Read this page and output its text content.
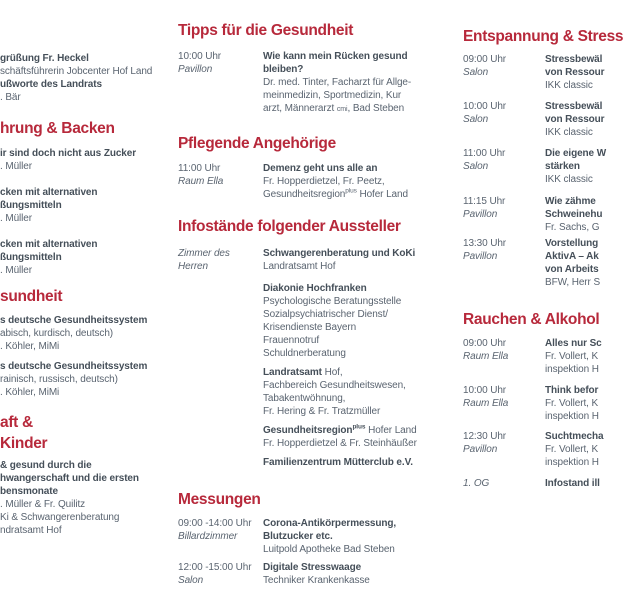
grüßung Fr. Heckel
schäftsführerin Jobcenter Hof Land
ußworte des Landrats
. Bär
hrung & Backen
ir sind doch nicht aus Zucker
. Müller
cken mit alternativen
ßungsmitteln
. Müller
cken mit alternativen
ßungsmitteln
. Müller
sundheit
s deutsche Gesundheitssystem
abisch, kurdisch, deutsch)
. Köhler, MiMi
s deutsche Gesundheitssystem
rainisch, russisch, deutsch)
. Köhler, MiMi
aft &
Kinder
& gesund durch die
hwangerschaft und die ersten
bensmonate
. Müller & Fr. Quilitz
Ki & Schwangerenberatung
ndratsamt Hof
Tipps für die Gesundheit
10:00 Uhr
Pavillon
Wie kann mein Rücken gesund
bleiben?
Dr. med. Tinter, Facharzt für Allge-
meinmedizin, Sportmedizin, Kur
arzt, Männerarzt cmi, Bad Steben
Pflegende Angehörige
11:00 Uhr
Raum Ella
Demenz geht uns alle an
Fr. Hopperdietzel, Fr. Peetz,
Gesundheitsregion$^{plus}$ Hofer Land
Infostände folgender Aussteller
Zimmer des
Herren
Schwangerenberatung und KoKi
Landratsamt Hof
Diakonie Hochfranken
Psychologische Beratungsstelle
Sozialpsychiatrischer Dienst/
Krisendienste Bayern
Frauennotruf
Schuldnerberatung
Landratsamt Hof,
Fachbereich Gesundheitswesen,
Tabakentwöhnung,
Fr. Hering & Fr. Tratzmüller
Gesundheitsregion$^{plus}$ Hofer Land
Fr. Hopperdietzel & Fr. Steinhäußer
Familienzentrum Mütterclub e.V.
Messungen
09:00 -14:00 Uhr
Billardzimmer
Corona-Antikörpermessung,
Blutzucker etc.
Luitpold Apotheke Bad Steben
12:00 -15:00 Uhr
Salon
Digitale Stresswaage
Techniker Krankenkasse
Entspannung & Stress
09:00 Uhr
Salon
Stressbewäl
von Ressour
IKK classic
10:00 Uhr
Salon
Stressbewäl
von Ressour
IKK classic
11:00 Uhr
Salon
Die eigene W
stärken
IKK classic
11:15 Uhr
Pavillon
Wie zähme
Schweinehu
Fr. Sachs, G
13:30 Uhr
Pavillon
Vorstellung
AktivA – Ak
von Arbeits
BFW, Herr S
Rauchen & Alkohol
09:00 Uhr
Raum Ella
Alles nur Sc
Fr. Vollert, K
inspektion H
10:00 Uhr
Raum Ella
Think befor
Fr. Vollert, K
inspektion H
12:30 Uhr
Pavillon
Suchtmecha
Fr. Vollert, K
inspektion H
1. OG	Infostand ill
